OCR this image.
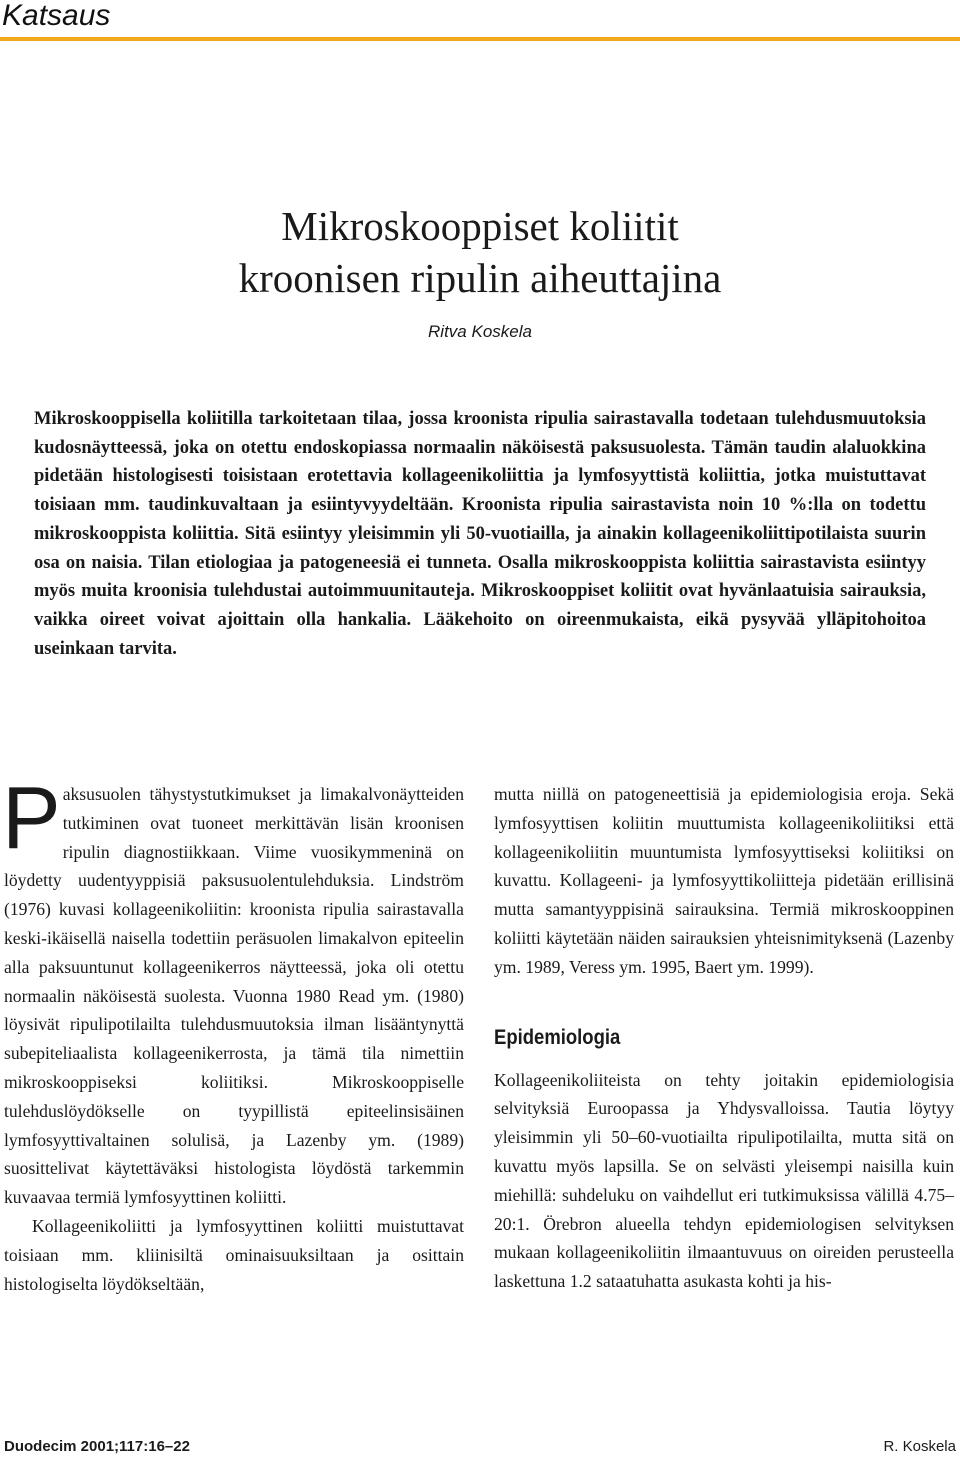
Katsaus
Mikroskooppiset koliitit
kroonisen ripulin aiheuttajina
Ritva Koskela

Mikroskooppisella koliitilla tarkoitetaan tilaa, jossa kroonista ripulia sairastavalla todetaan tulehdusmuutoksia kudosnäytteessä, joka on otettu endoskopiassa normaalin näköisestä paksusuolesta. Tämän taudin alaluokkina pidetään histologisesti toisistaan erotettavia kollageenikoliittia ja lymfosyyttistä koliittia, jotka muistuttavat toisiaan mm. taudinkuvaltaan ja esiintyvyydeltään. Kroonista ripulia sairastavista noin 10 %:lla on todettu mikroskooppista koliittia. Sitä esiintyy yleisimmin yli 50-vuotiailla, ja ainakin kollageenikoliittipotilaista suurin osa on naisia. Tilan etiologiaa ja patogeneesiä ei tunneta. Osalla mikroskooppista koliittia sairastavista esiintyy myös muita kroonisia tulehdustai autoimmuunitauteja. Mikroskooppiset koliitit ovat hyvänlaatuisia sairauksia, vaikka oireet voivat ajoittain olla hankalia. Lääkehoito on oireenmukaista, eikä pysyvää ylläpitohoitoa useinkaan tarvita.

Paksusuolen tähystystutkimukset ja limakalvonäytteiden tutkiminen ovat tuoneet merkittävän lisän kroonisen ripulin diagnostiikkaan. Viime vuosikymmeninä on löydetty uudentyyppisiä paksusuolentulehduksia. Lindström (1976) kuvasi kollageenikoliitin: kroonista ripulia sairastavalla keski-ikäisellä naisella todettiin peräsuolen limakalvon epiteelin alla paksuuntunut kollageenikerros näytteessä, joka oli otettu normaalin näköisestä suolesta. Vuonna 1980 Read ym. (1980) löysivät ripulipotilailta tulehdusmuutoksia ilman lisääntynyttä subepiteliaalista kollageenikerrosta, ja tämä tila nimettiin mikroskooppiseksi koliitiksi. Mikroskooppiselle tulehduslöydökselle on tyypillistä epiteelinsisäinen lymfosyyttivaltainen solulisä, ja Lazenby ym. (1989) suosittelivat käytettäväksi histologista löydöstä tarkemmin kuvaavaa termiä lymfosyyttinen koliitti.

Kollageenikoliitti ja lymfosyyttinen koliitti muistuttavat toisiaan mm. kliinisiltä ominaisuuksiltaan ja osittain histologiselta löydökseltään,

mutta niillä on patogeneettisiä ja epidemiologisia eroja. Sekä lymfosyyttisen koliitin muuttumista kollageenikoliitiksi että kollageenikoliitin muuntumista lymfosyyttiseksi koliitiksi on kuvattu. Kollageeni- ja lymfosyyttikoliitteja pidetään erillisinä mutta samantyyppisinä sairauksina. Termiä mikroskooppinen koliitti käytetään näiden sairauksien yhteisnimityksenä (Lazenby ym. 1989, Veress ym. 1995, Baert ym. 1999).

Epidemiologia

Kollageenikoliiteista on tehty joitakin epidemiologisia selvityksiä Euroopassa ja Yhdysvalloissa. Tautia löytyy yleisimmin yli 50–60-vuotiailta ripulipotilailta, mutta sitä on kuvattu myös lapsilla. Se on selvästi yleisempi naisilla kuin miehillä: suhdeluku on vaihdellut eri tutkimuksissa välillä 4.75–20:1. Örebron alueella tehdyn epidemiologisen selvityksen mukaan kollageenikoliitin ilmaantuvuus on oireiden perusteella laskettuna 1.2 sataatuhatta asukasta kohti ja his-

Duodecim 2001;117:16–22	R. Koskela
